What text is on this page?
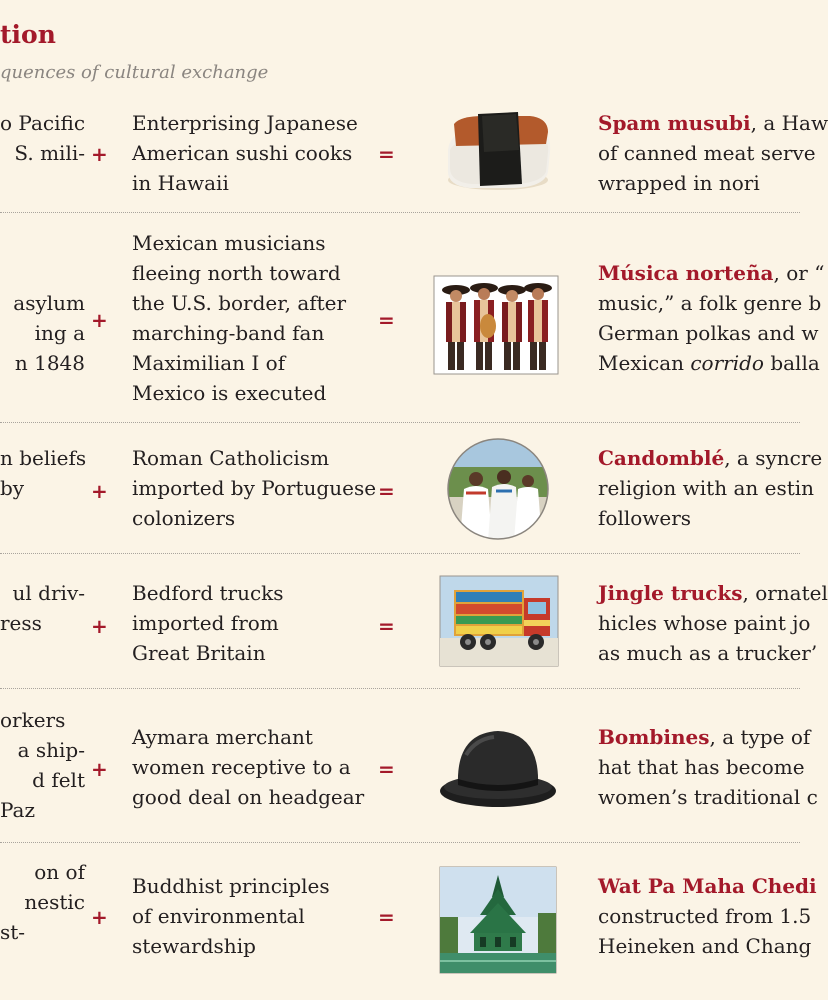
tion
quences of cultural exchange
o Pacific
S. mili- +
Enterprising Japanese
American sushi cooks
in Hawaii
=
Spam musubi, a Haw
of canned meat serve
wrapped in nori
asylum
ing a
n 1848
+
Mexican musicians
fleeing north toward
the U.S. border, after
marching-band fan
Maximilian I of
Mexico is executed
=
Música norteña, or “
music,” a folk genre b
German polkas and w
Mexican corrido balla
n beliefs
by	+
Roman Catholicism
imported by Portuguese
colonizers
=
Candomblé, a syncre
religion with an estin
followers
ul driv-
ress	+
Bedford trucks
imported from
Great Britain
=
Jingle trucks, ornatel
hicles whose paint jo
as much as a trucker’
orkers
a ship-
d felt
Paz
+
Aymara merchant
women receptive to a
good deal on headgear
=
Bombines, a type of
hat that has become
women’s traditional c
on of
nestic
st-
+
Buddhist principles
of environmental
stewardship
=
Wat Pa Maha Chedi
constructed from 1.5
Heineken and Chang
